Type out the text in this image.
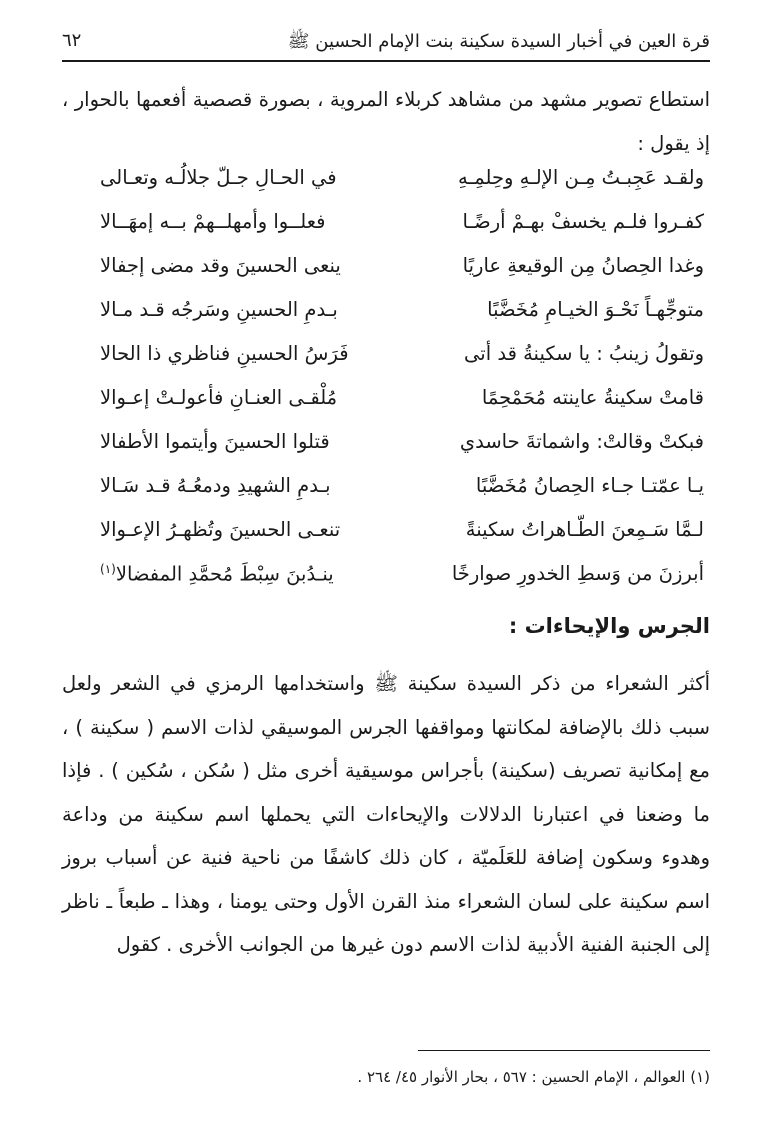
قرة العين في أخبار السيدة سكينة بنت الإمام الحسين ﷺ
٦٢
استطاع تصوير مشهد من مشاهد كربلاء المروية ، بصورة قصصية أفعمها بالحوار ، إذ يقول :
ولقـد عَجِبـتُ مِـن الإلـهِ وحِلمِـهِ
في الحـالِ جـلّ جلالُـه وتعـالى
كفـروا فلـم يخسفْ بهـمْ أرضًـا
فعلــوا وأمهلــهمْ بــه إمهَــالا
وغدا الحِصانُ مِن الوقيعةِ عاريًا
ينعى الحسينَ وقد مضى إجفالا
متوجِّهـاً نَحْـوَ الخيـامِ مُخَضَّبًا
بـدمِ الحسينِ وسَرجُه قـد مـالا
وتقولُ زينبُ : يا سكينةُ قد أتى
فَرَسُ الحسينِ فناظري ذا الحالا
قامتْ سكينةُ عاينته مُحَمْحِمًا
مُلْقـى العنـانِ فأعولـتْ إعـوالا
فبكتْ وقالتْ: واشماتةَ حاسدي
قتلوا الحسينَ وأيتموا الأطفالا
يـا عمّتـا جـاء الحِصانُ مُخَضَّبًا
بـدمِ الشهيدِ ودمعُـهُ قـد سَـالا
لـمَّا سَـمِعنَ الطّـاهراتُ سكينةً
تنعـى الحسينَ وتُظهـرُ الإعـوالا
أبرزنَ من وَسطِ الخدورِ صوارخًا
ينـدُبنَ سِبْطَ مُحمَّدِ المفضالا$^{(١)}$
الجرس والإيحاءات :
أكثر الشعراء من ذكر السيدة سكينة ﷺ واستخدامها الرمزي في الشعر ولعل سبب ذلك بالإضافة لمكانتها ومواقفها الجرس الموسيقي لذات الاسم ( سكينة ) ، مع إمكانية تصريف (سكينة) بأجراس موسيقية أخرى مثل ( سُكن ، سُكين ) . فإذا ما وضعنا في اعتبارنا الدلالات والإيحاءات التي يحملها اسم سكينة من وداعة وهدوء وسكون إضافة للعَلَميّة ، كان ذلك كاشفًا من ناحية فنية عن أسباب بروز اسم سكينة على لسان الشعراء منذ القرن الأول وحتى يومنا ، وهذا ـ طبعاً ـ ناظر إلى الجنبة الفنية الأدبية لذات الاسم دون غيرها من الجوانب الأخرى . كقول
(١) العوالم ، الإمام الحسين : ٥٦٧ ، بحار الأنوار ٤٥/ ٢٦٤ .
